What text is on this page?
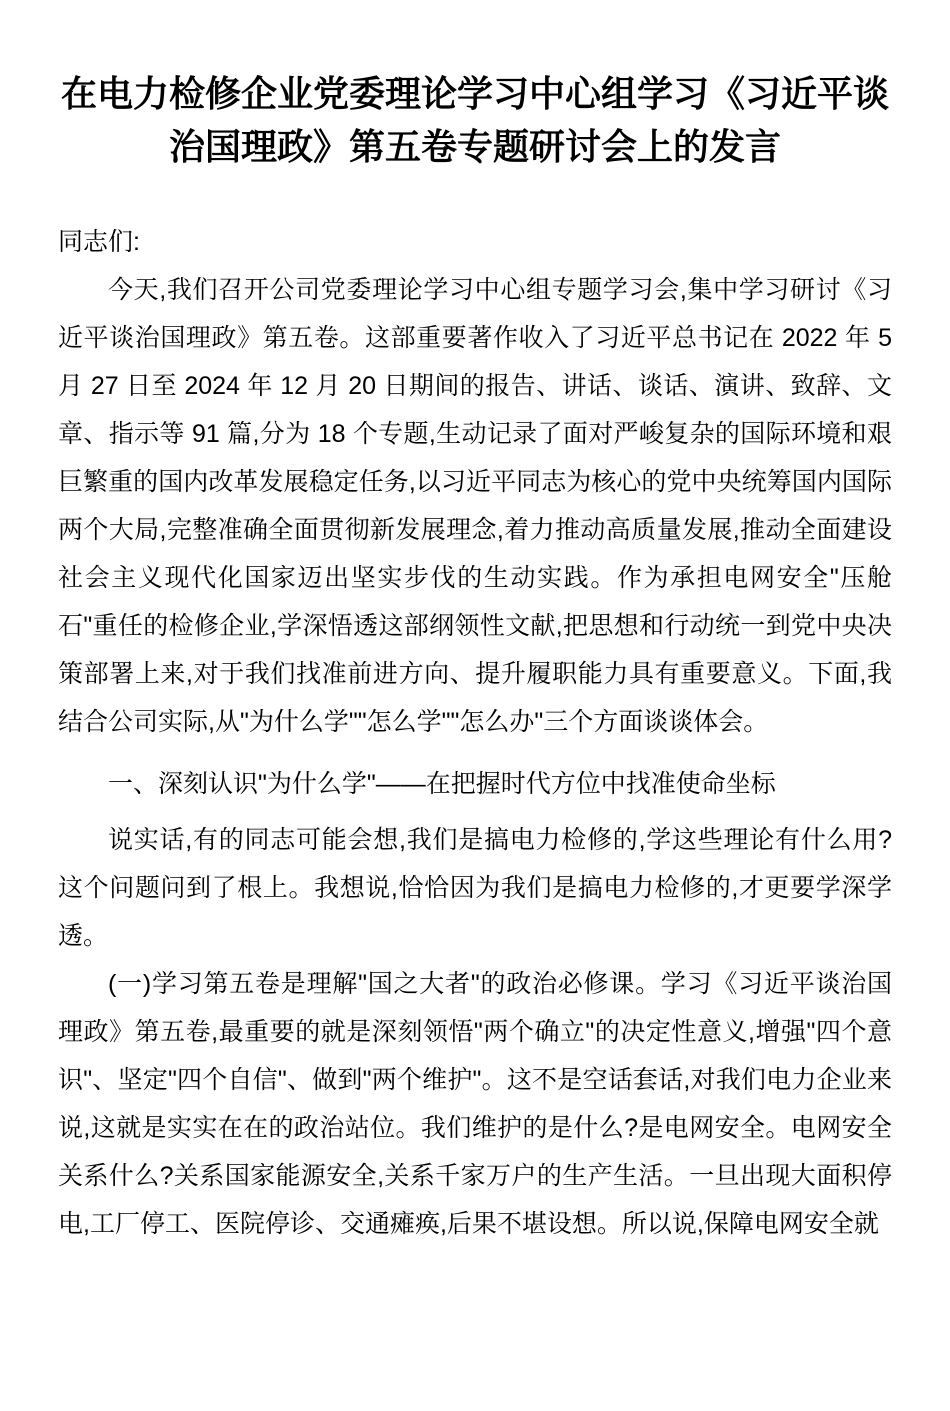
在电力检修企业党委理论学习中心组学习《习近平谈治国理政》第五卷专题研讨会上的发言

同志们:

今天,我们召开公司党委理论学习中心组专题学习会,集中学习研讨《习近平谈治国理政》第五卷。这部重要著作收入了习近平总书记在 2022 年 5 月 27 日至 2024 年 12 月 20 日期间的报告、讲话、谈话、演讲、致辞、文章、指示等 91 篇,分为 18 个专题,生动记录了面对严峻复杂的国际环境和艰巨繁重的国内改革发展稳定任务,以习近平同志为核心的党中央统筹国内国际两个大局,完整准确全面贯彻新发展理念,着力推动高质量发展,推动全面建设社会主义现代化国家迈出坚实步伐的生动实践。作为承担电网安全"压舱石"重任的检修企业,学深悟透这部纲领性文献,把思想和行动统一到党中央决策部署上来,对于我们找准前进方向、提升履职能力具有重要意义。下面,我结合公司实际,从"为什么学""怎么学""怎么办"三个方面谈谈体会。

一、深刻认识"为什么学"——在把握时代方位中找准使命坐标

说实话,有的同志可能会想,我们是搞电力检修的,学这些理论有什么用?这个问题问到了根上。我想说,恰恰因为我们是搞电力检修的,才更要学深学透。

(一)学习第五卷是理解"国之大者"的政治必修课。学习《习近平谈治国理政》第五卷,最重要的就是深刻领悟"两个确立"的决定性意义,增强"四个意识"、坚定"四个自信"、做到"两个维护"。这不是空话套话,对我们电力企业来说,这就是实实在在的政治站位。我们维护的是什么?是电网安全。电网安全关系什么?关系国家能源安全,关系千家万户的生产生活。一旦出现大面积停电,工厂停工、医院停诊、交通瘫痪,后果不堪设想。所以说,保障电网安全就
